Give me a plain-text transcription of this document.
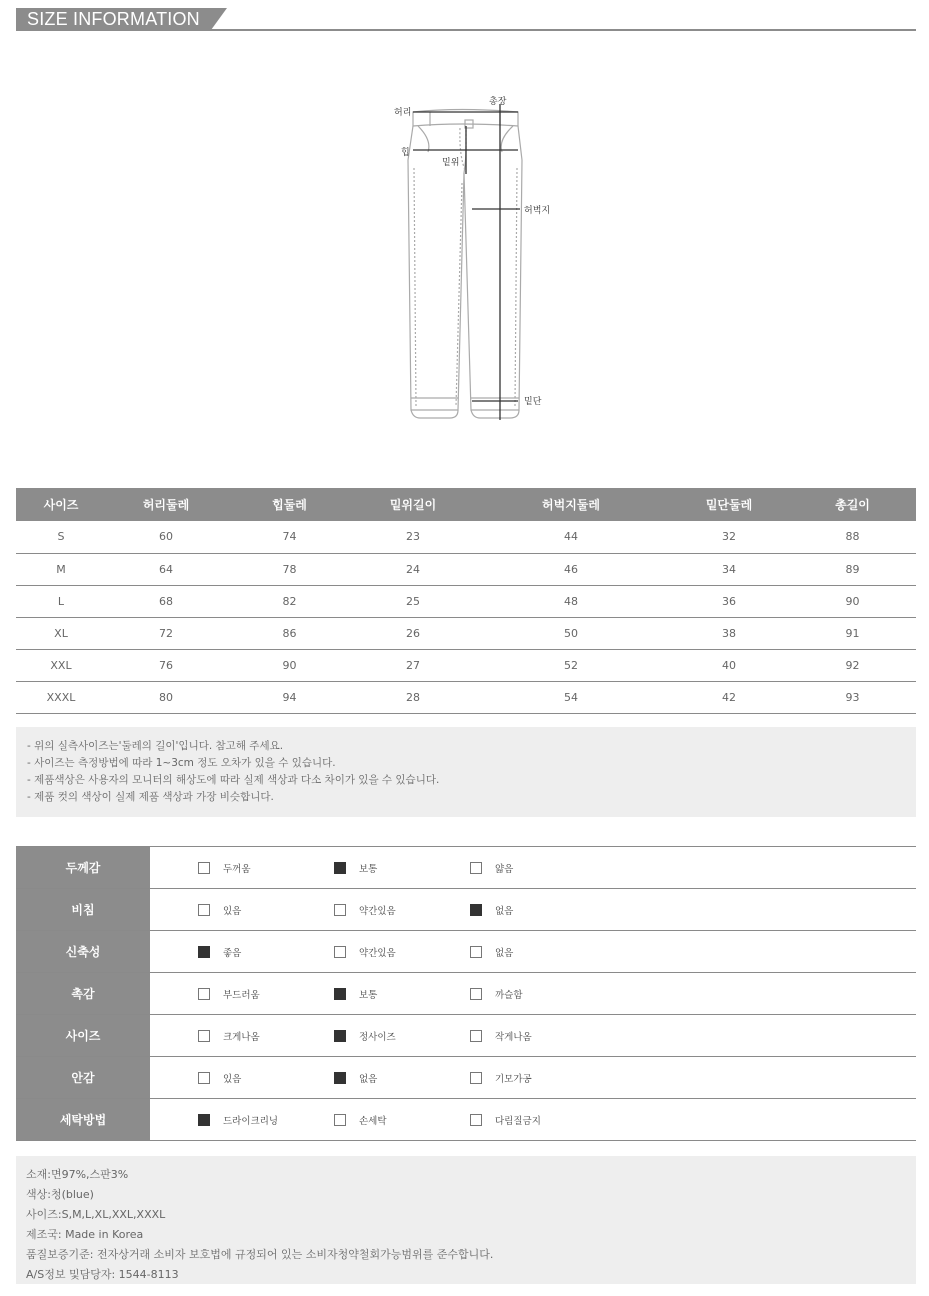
SIZE INFORMATION
허리
총장
힙
밑위
허벅지
밑단
사이즈	허리둘레	힙둘레	밑위길이	허벅지둘레	밑단둘레	총길이
S	60	74	23	44	32	88
M	64	78	24	46	34	89
L	68	82	25	48	36	90
XL	72	86	26	50	38	91
XXL	76	90	27	52	40	92
XXXL	80	94	28	54	42	93

- 위의 실측사이즈는'둘레의 길이'입니다. 참고해 주세요.

- 사이즈는 측정방법에 따라 1~3cm 정도 오차가 있을 수 있습니다.

- 제품색상은 사용자의 모니터의 해상도에 따라 실제 색상과 다소 차이가 있을 수 있습니다.

- 제품 컷의 색상이 실제 제품 색상과 가장 비슷합니다.

두께감	두꺼움	보통	얇음
비침	있음	약간있음	없음
신축성	좋음	약간있음	없음
촉감	부드러움	보통	까슬함
사이즈	크게나옴	정사이즈	작게나옴
안감	있음	없음	기모가공
세탁방법	드라이크리닝	손세탁	다림질금지

소재:면97%,스판3%

색상:청(blue)

사이즈:S,M,L,XL,XXL,XXXL

제조국: Made in Korea

품질보증기준: 전자상거래 소비자 보호법에 규정되어 있는 소비자청약철회가능범위를 준수합니다.

A/S정보 및담당자: 1544-8113
